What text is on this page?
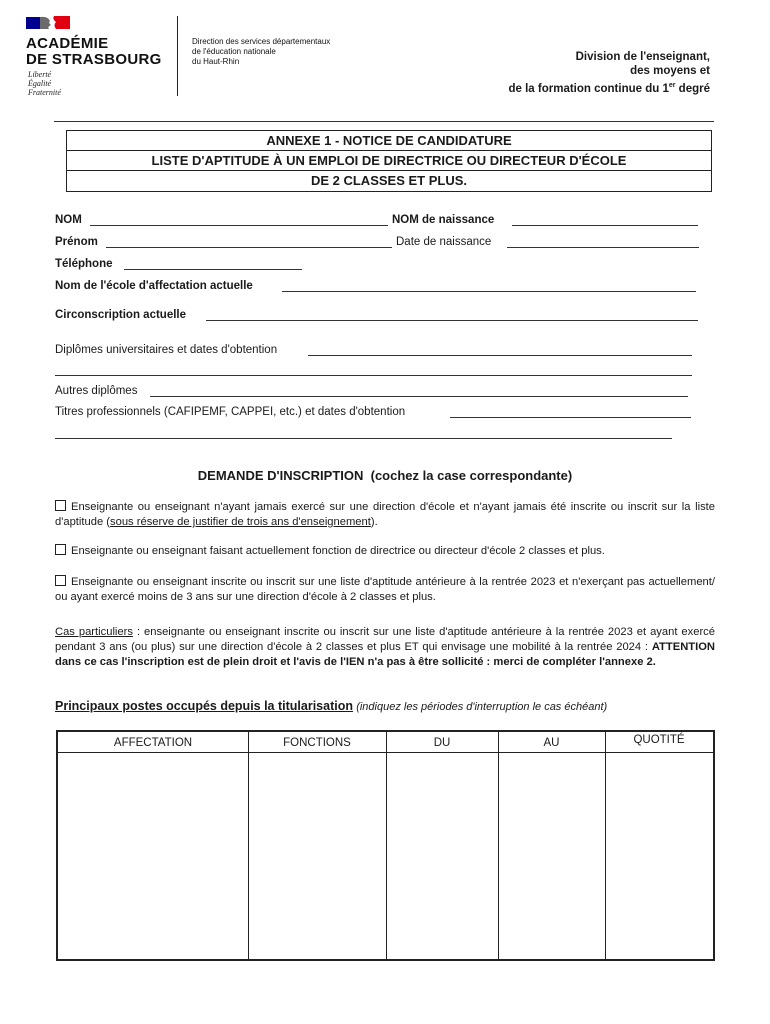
ACADÉMIE
DE STRASBOURG
Liberté
Égalité
Fraternité
Direction des services départementaux
de l'éducation nationale
du Haut-Rhin	Division de l'enseignant,
des moyens et
de la formation continue du 1er degré
ANNEXE 1 - NOTICE DE CANDIDATURE
LISTE D'APTITUDE À UN EMPLOI DE DIRECTRICE OU DIRECTEUR D'ÉCOLE
DE 2 CLASSES ET PLUS.
NOM	NOM de naissance
Prénom	Date de naissance
Téléphone
Nom de l'école d'affectation actuelle
Circonscription actuelle
Diplômes universitaires et dates d'obtention
Autres diplômes
Titres professionnels (CAFIPEMF, CAPPEI, etc.) et dates d'obtention
DEMANDE D'INSCRIPTION (cochez la case correspondante)
Enseignante ou enseignant n'ayant jamais exercé sur une direction d'école et n'ayant jamais été inscrite ou inscrit sur la liste d'aptitude (sous réserve de justifier de trois ans d'enseignement).
Enseignante ou enseignant faisant actuellement fonction de directrice ou directeur d'école 2 classes et plus.
Enseignante ou enseignant inscrite ou inscrit sur une liste d'aptitude antérieure à la rentrée 2023 et n'exerçant pas actuellement/ ou ayant exercé moins de 3 ans sur une direction d'école à 2 classes et plus.
Cas particuliers : enseignante ou enseignant inscrite ou inscrit sur une liste d'aptitude antérieure à la rentrée 2023 et ayant exercé pendant 3 ans (ou plus) sur une direction d'école à 2 classes et plus ET qui envisage une mobilité à la rentrée 2024 : ATTENTION dans ce cas l'inscription est de plein droit et l'avis de l'IEN n'a pas à être sollicité : merci de compléter l'annexe 2.
Principaux postes occupés depuis la titularisation (indiquez les périodes d'interruption le cas échéant)
AFFECTATION	FONCTIONS	DU	AU	QUOTITÉ
